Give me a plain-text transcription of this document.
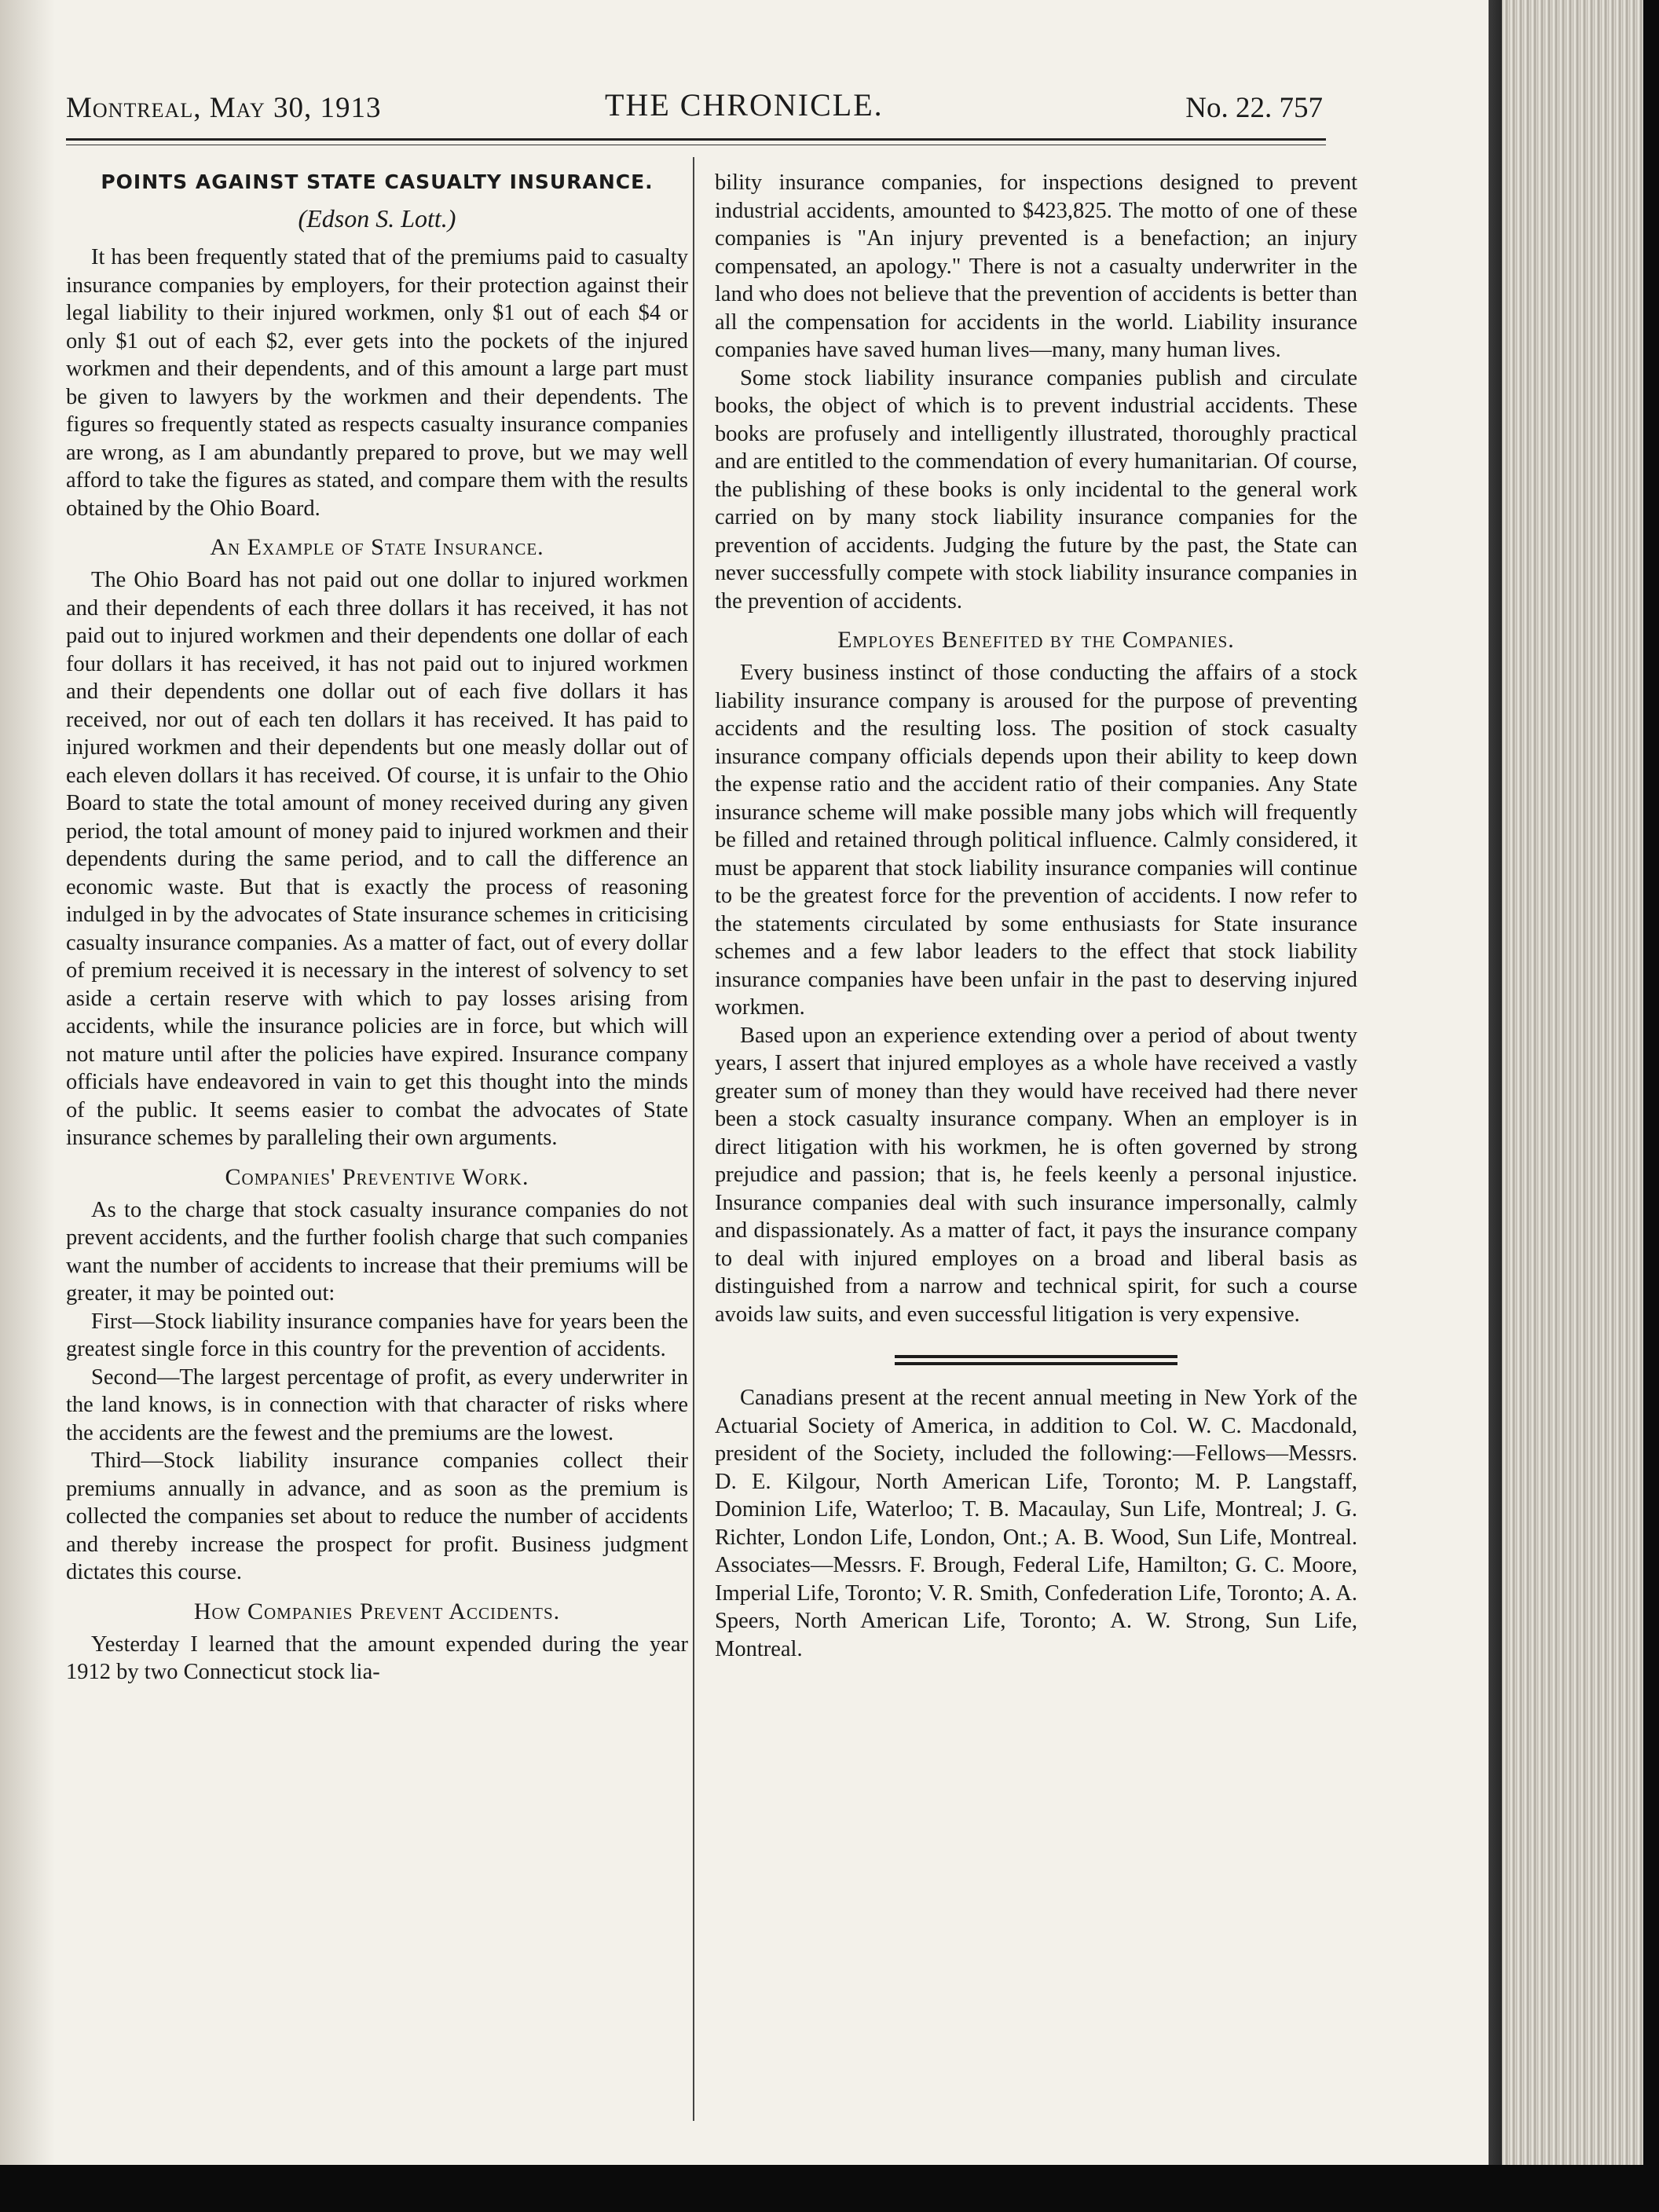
Montreal, May 30, 1913	THE CHRONICLE.	No. 22. 757
POINTS AGAINST STATE CASUALTY INSURANCE.
(Edson S. Lott.)

It has been frequently stated that of the premiums paid to casualty insurance companies by employers, for their protection against their legal liability to their injured workmen, only $1 out of each $4 or only $1 out of each $2, ever gets into the pockets of the injured workmen and their dependents, and of this amount a large part must be given to lawyers by the workmen and their dependents. The figures so frequently stated as respects casualty insurance companies are wrong, as I am abundantly prepared to prove, but we may well afford to take the figures as stated, and compare them with the results obtained by the Ohio Board.

An Example of State Insurance.

The Ohio Board has not paid out one dollar to injured workmen and their dependents of each three dollars it has received, it has not paid out to injured workmen and their dependents one dollar of each four dollars it has received, it has not paid out to injured workmen and their dependents one dollar out of each five dollars it has received, nor out of each ten dollars it has received. It has paid to injured workmen and their dependents but one measly dollar out of each eleven dollars it has received. Of course, it is unfair to the Ohio Board to state the total amount of money received during any given period, the total amount of money paid to injured workmen and their dependents during the same period, and to call the difference an economic waste. But that is exactly the process of reasoning indulged in by the advocates of State insurance schemes in criticising casualty insurance companies. As a matter of fact, out of every dollar of premium received it is necessary in the interest of solvency to set aside a certain reserve with which to pay losses arising from accidents, while the insurance policies are in force, but which will not mature until after the policies have expired. Insurance company officials have endeavored in vain to get this thought into the minds of the public. It seems easier to combat the advocates of State insurance schemes by paralleling their own arguments.

Companies' Preventive Work.

As to the charge that stock casualty insurance companies do not prevent accidents, and the further foolish charge that such companies want the number of accidents to increase that their premiums will be greater, it may be pointed out:

First—Stock liability insurance companies have for years been the greatest single force in this country for the prevention of accidents.

Second—The largest percentage of profit, as every underwriter in the land knows, is in connection with that character of risks where the accidents are the fewest and the premiums are the lowest.

Third—Stock liability insurance companies collect their premiums annually in advance, and as soon as the premium is collected the companies set about to reduce the number of accidents and thereby increase the prospect for profit. Business judgment dictates this course.

How Companies Prevent Accidents.

Yesterday I learned that the amount expended during the year 1912 by two Connecticut stock lia-

bility insurance companies, for inspections designed to prevent industrial accidents, amounted to $423,825. The motto of one of these companies is "An injury prevented is a benefaction; an injury compensated, an apology." There is not a casualty underwriter in the land who does not believe that the prevention of accidents is better than all the compensation for accidents in the world. Liability insurance companies have saved human lives—many, many human lives.

Some stock liability insurance companies publish and circulate books, the object of which is to prevent industrial accidents. These books are profusely and intelligently illustrated, thoroughly practical and are entitled to the commendation of every humanitarian. Of course, the publishing of these books is only incidental to the general work carried on by many stock liability insurance companies for the prevention of accidents. Judging the future by the past, the State can never successfully compete with stock liability insurance companies in the prevention of accidents.

Employes Benefited by the Companies.

Every business instinct of those conducting the affairs of a stock liability insurance company is aroused for the purpose of preventing accidents and the resulting loss. The position of stock casualty insurance company officials depends upon their ability to keep down the expense ratio and the accident ratio of their companies. Any State insurance scheme will make possible many jobs which will frequently be filled and retained through political influence. Calmly considered, it must be apparent that stock liability insurance companies will continue to be the greatest force for the prevention of accidents. I now refer to the statements circulated by some enthusiasts for State insurance schemes and a few labor leaders to the effect that stock liability insurance companies have been unfair in the past to deserving injured workmen.

Based upon an experience extending over a period of about twenty years, I assert that injured employes as a whole have received a vastly greater sum of money than they would have received had there never been a stock casualty insurance company. When an employer is in direct litigation with his workmen, he is often governed by strong prejudice and passion; that is, he feels keenly a personal injustice. Insurance companies deal with such insurance impersonally, calmly and dispassionately. As a matter of fact, it pays the insurance company to deal with injured employes on a broad and liberal basis as distinguished from a narrow and technical spirit, for such a course avoids law suits, and even successful litigation is very expensive.

Canadians present at the recent annual meeting in New York of the Actuarial Society of America, in addition to Col. W. C. Macdonald, president of the Society, included the following:—Fellows—Messrs. D. E. Kilgour, North American Life, Toronto; M. P. Langstaff, Dominion Life, Waterloo; T. B. Macaulay, Sun Life, Montreal; J. G. Richter, London Life, London, Ont.; A. B. Wood, Sun Life, Montreal. Associates—Messrs. F. Brough, Federal Life, Hamilton; G. C. Moore, Imperial Life, Toronto; V. R. Smith, Confederation Life, Toronto; A. A. Speers, North American Life, Toronto; A. W. Strong, Sun Life, Montreal.
